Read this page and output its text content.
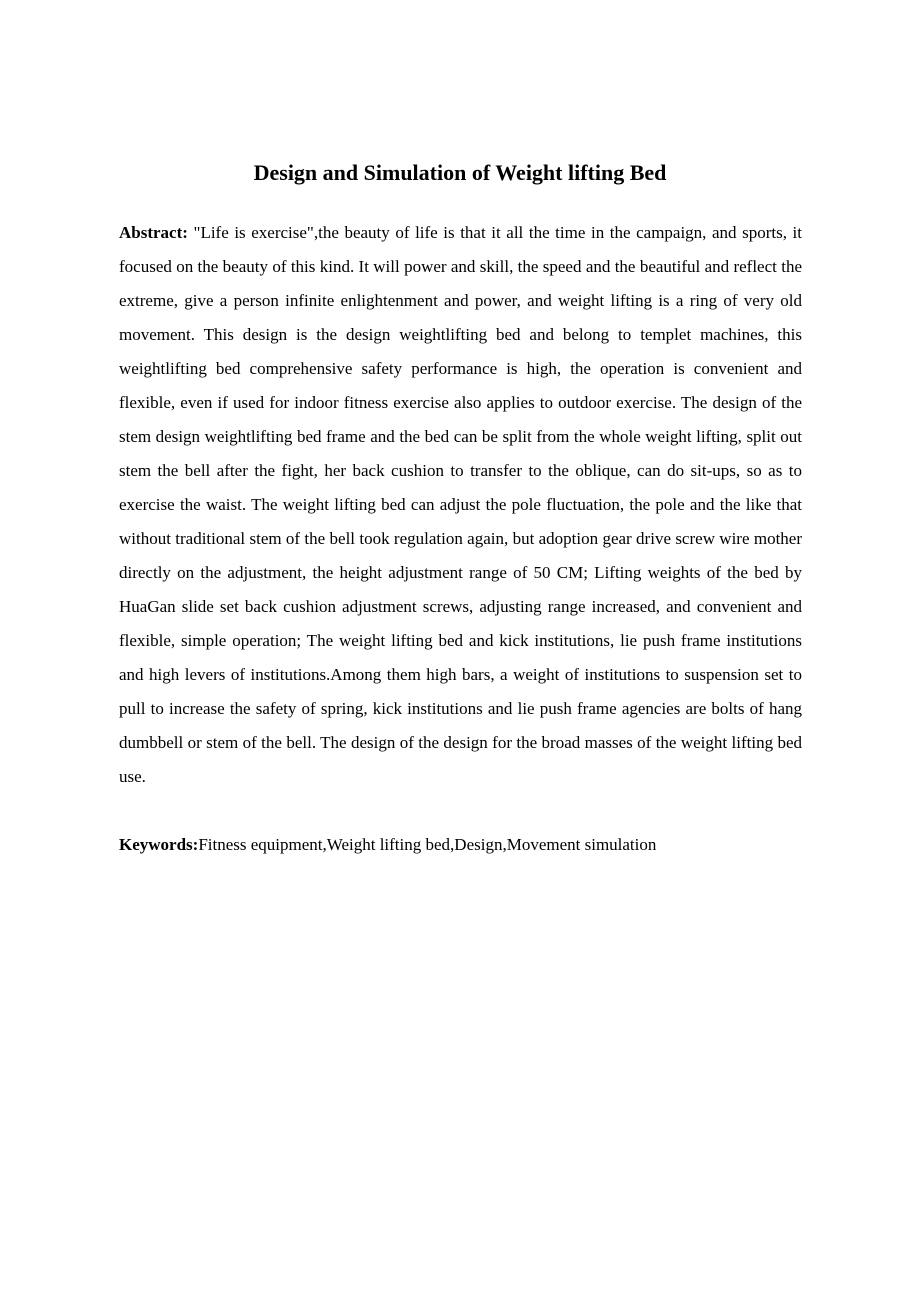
Design and Simulation of Weight lifting Bed

Abstract: "Life is exercise",the beauty of life is that it all the time in the campaign, and sports, it focused on the beauty of this kind. It will power and skill, the speed and the beautiful and reflect the extreme, give a person infinite enlightenment and power, and weight lifting is a ring of very old movement. This design is the design weightlifting bed and belong to templet machines, this weightlifting bed comprehensive safety performance is high, the operation is convenient and flexible, even if used for indoor fitness exercise also applies to outdoor exercise. The design of the stem design weightlifting bed frame and the bed can be split from the whole weight lifting, split out stem the bell after the fight, her back cushion to transfer to the oblique, can do sit-ups, so as to exercise the waist. The weight lifting bed can adjust the pole fluctuation, the pole and the like that without traditional stem of the bell took regulation again, but adoption gear drive screw wire mother directly on the adjustment, the height adjustment range of 50 CM; Lifting weights of the bed by HuaGan slide set back cushion adjustment screws, adjusting range increased, and convenient and flexible, simple operation; The weight lifting bed and kick institutions, lie push frame institutions and high levers of institutions.Among them high bars, a weight of institutions to suspension set to pull to increase the safety of spring, kick institutions and lie push frame agencies are bolts of hang dumbbell or stem of the bell. The design of the design for the broad masses of the weight lifting bed use.

Keywords:Fitness equipment,Weight lifting bed,Design,Movement simulation
